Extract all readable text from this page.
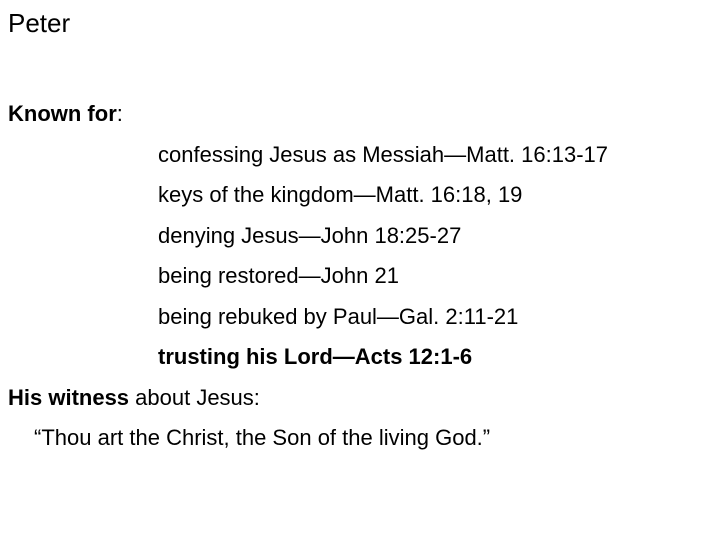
Peter
Known for:
confessing Jesus as Messiah—Matt. 16:13-17
keys of the kingdom—Matt. 16:18, 19
denying Jesus—John 18:25-27
being restored—John 21
being rebuked by Paul—Gal. 2:11-21
trusting his Lord—Acts 12:1-6
His witness about Jesus:
“Thou art the Christ, the Son of the living God.”
